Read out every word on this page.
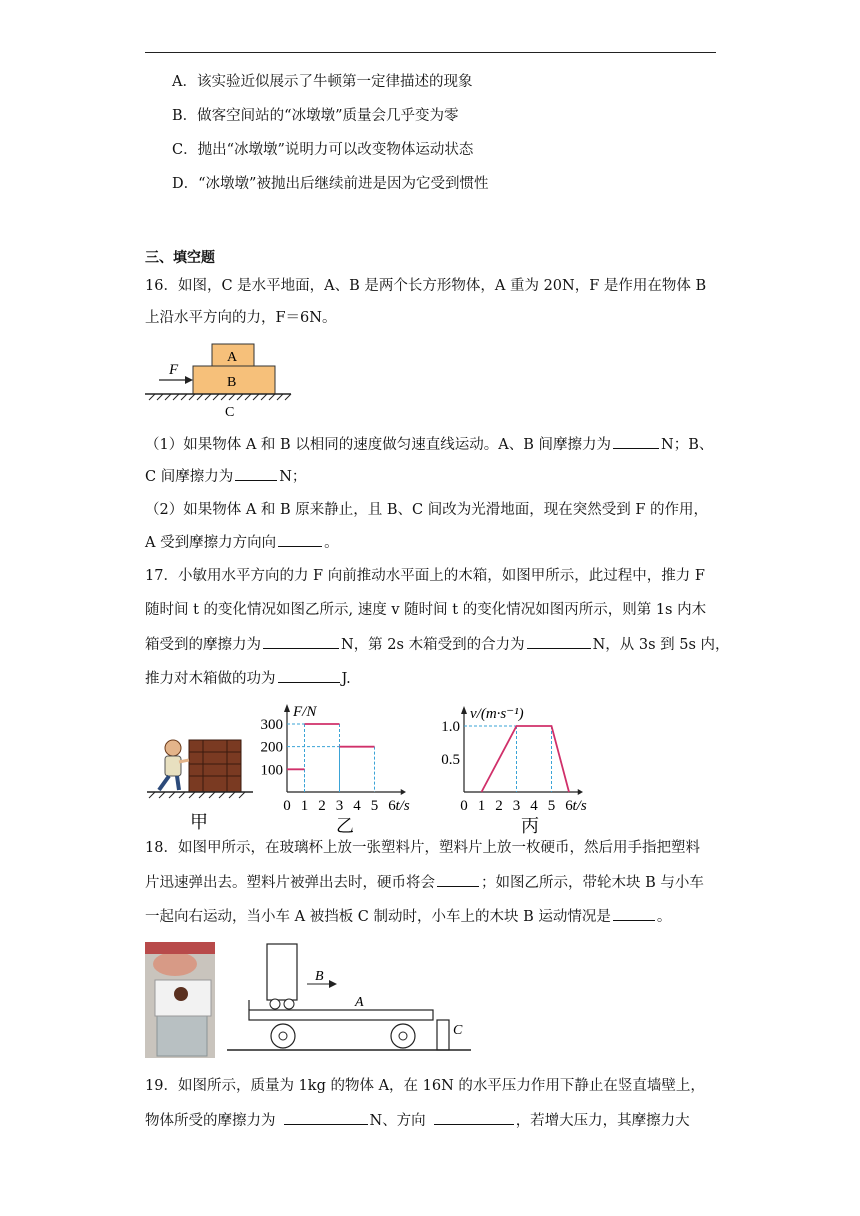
A．该实验近似展示了牛顿第一定律描述的现象
B．做客空间站的“冰墩墩”质量会几乎变为零
C．抛出“冰墩墩”说明力可以改变物体运动状态
D．“冰墩墩”被抛出后继续前进是因为它受到惯性
三、填空题
16．如图，C 是水平地面，A、B 是两个长方形物体，A 重为 20N，F 是作用在物体 B
上沿水平方向的力，F＝6N。
F
A
B
C
（1）如果物体 A 和 B 以相同的速度做匀速直线运动。A、B 间摩擦力为	N；B、
C 间摩擦力为	N；
（2）如果物体 A 和 B 原来静止，且 B、C 间改为光滑地面，现在突然受到 F 的作用，
A 受到摩擦力方向向	。
17．小敏用水平方向的力 F 向前推动水平面上的木箱，如图甲所示，此过程中，推力 F
随时间 t 的变化情况如图乙所示, 速度 v 随时间 t 的变化情况如图丙所示，则第 1s 内木
箱受到的摩擦力为	N，第 2s 木箱受到的合力为	N，从 3s 到 5s 内，
推力对木箱做的功为	J.
甲
F/N
t/s
0 1 2 3 4 5 6
300
200
100
乙
v/(m·s⁻¹)
t/s
0 1 2 3 4 5 6
1.0
0.5
丙
18．如图甲所示，在玻璃杯上放一张塑料片，塑料片上放一枚硬币，然后用手指把塑料
片迅速弹出去。塑料片被弹出去时，硬币将会	；如图乙所示，带轮木块 B 与小车
一起向右运动，当小车 A 被挡板 C 制动时，小车上的木块 B 运动情况是	。
B
A
C
19．如图所示，质量为 1kg 的物体 A，在 16N 的水平压力作用下静止在竖直墙壁上，
物体所受的摩擦力为	N、方向	，若增大压力，其摩擦力大
